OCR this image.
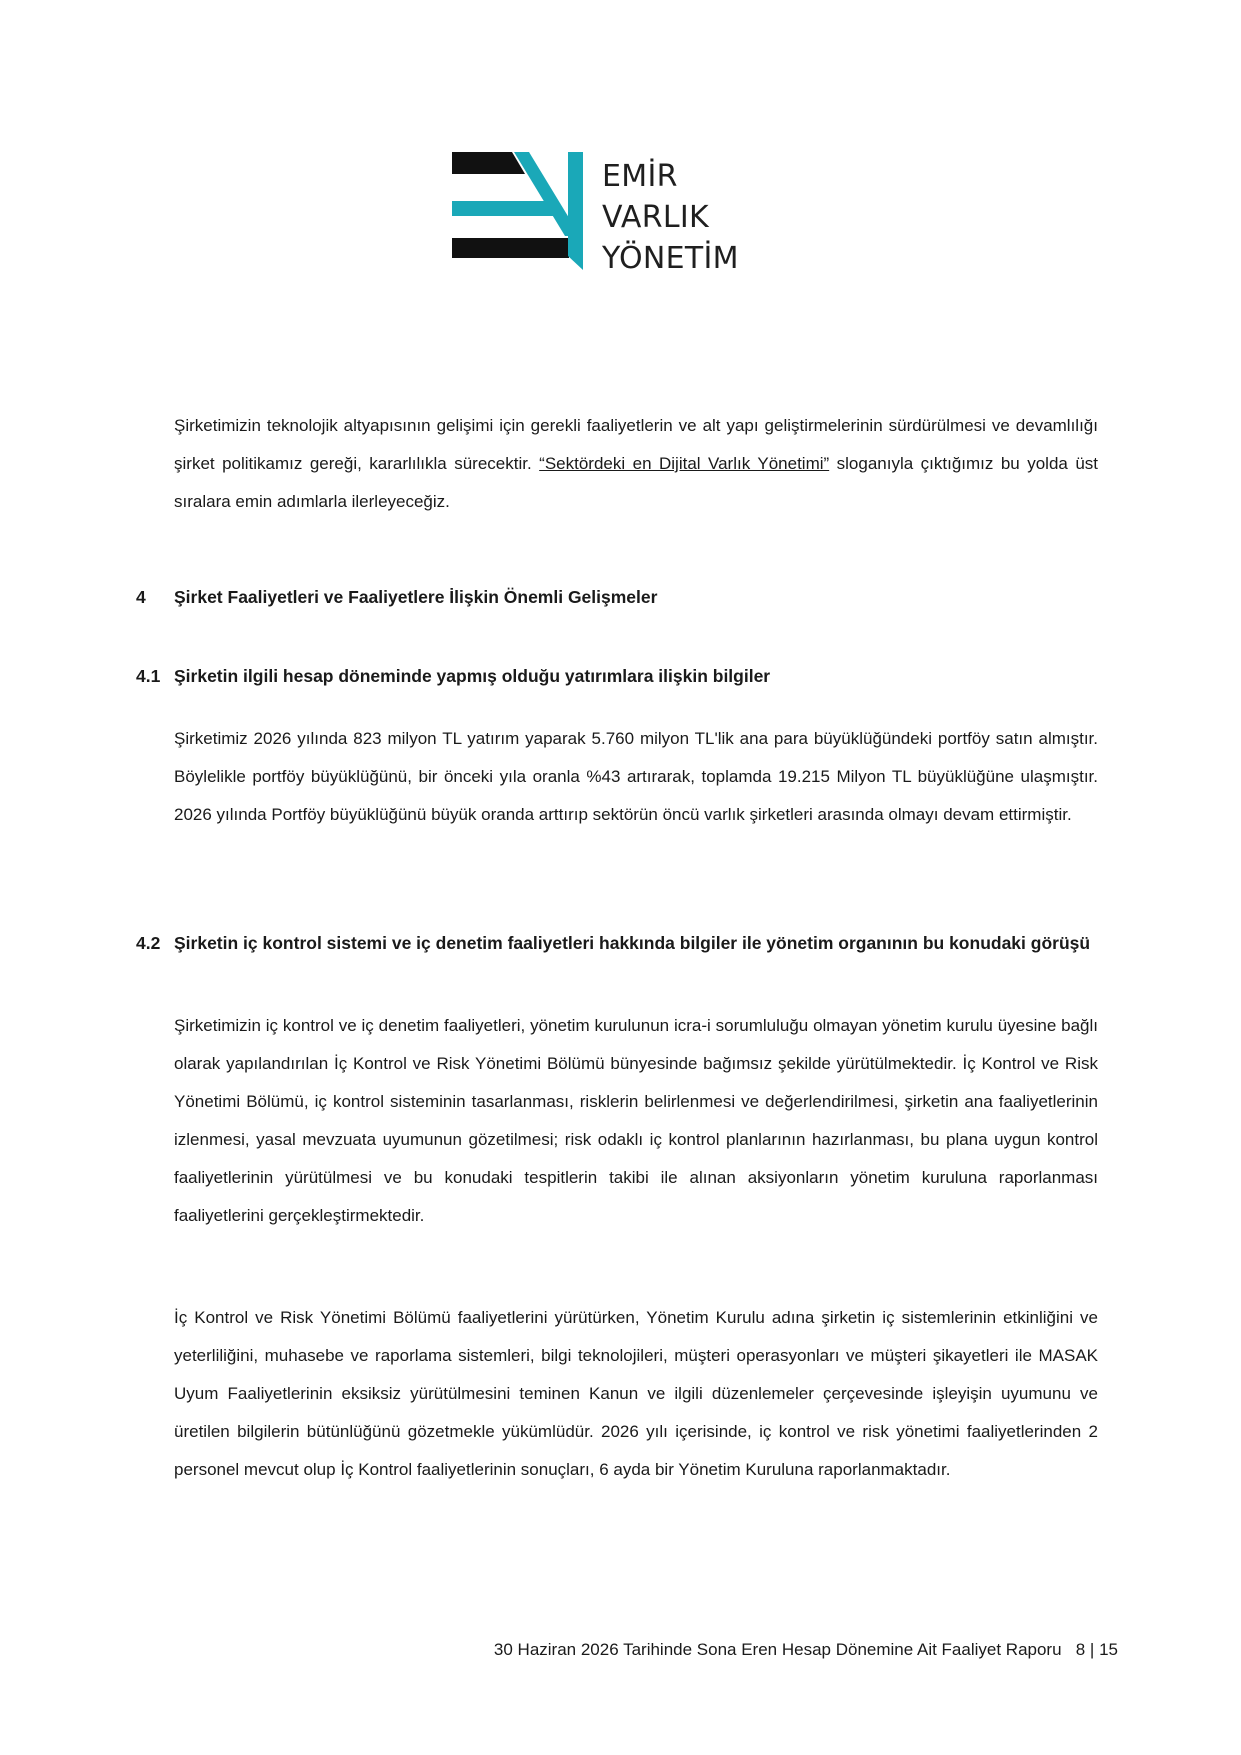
EMİR
VARLIK
YÖNETİM

Şirketimizin teknolojik altyapısının gelişimi için gerekli faaliyetlerin ve alt yapı geliştirmelerinin sürdürülmesi ve devamlılığı şirket politikamız gereği, kararlılıkla sürecektir. “Sektördeki en Dijital Varlık Yönetimi” sloganıyla çıktığımız bu yolda üst sıralara emin adımlarla ilerleyeceğiz.

4 Şirket Faaliyetleri ve Faaliyetlere İlişkin Önemli Gelişmeler
4.1 Şirketin ilgili hesap döneminde yapmış olduğu yatırımlara ilişkin bilgiler

Şirketimiz 2026 yılında 823 milyon TL yatırım yaparak 5.760 milyon TL'lik ana para büyüklüğündeki portföy satın almıştır. Böylelikle portföy büyüklüğünü, bir önceki yıla oranla %43 artırarak, toplamda 19.215 Milyon TL büyüklüğüne ulaşmıştır. 2026 yılında Portföy büyüklüğünü büyük oranda arttırıp sektörün öncü varlık şirketleri arasında olmayı devam ettirmiştir.

4.2 Şirketin iç kontrol sistemi ve iç denetim faaliyetleri hakkında bilgiler ile yönetim organının bu konudaki görüşü

Şirketimizin iç kontrol ve iç denetim faaliyetleri, yönetim kurulunun icra-i sorumluluğu olmayan yönetim kurulu üyesine bağlı olarak yapılandırılan İç Kontrol ve Risk Yönetimi Bölümü bünyesinde bağımsız şekilde yürütülmektedir. İç Kontrol ve Risk Yönetimi Bölümü, iç kontrol sisteminin tasarlanması, risklerin belirlenmesi ve değerlendirilmesi, şirketin ana faaliyetlerinin izlenmesi, yasal mevzuata uyumunun gözetilmesi; risk odaklı iç kontrol planlarının hazırlanması, bu plana uygun kontrol faaliyetlerinin yürütülmesi ve bu konudaki tespitlerin takibi ile alınan aksiyonların yönetim kuruluna raporlanması faaliyetlerini gerçekleştirmektedir.

İç Kontrol ve Risk Yönetimi Bölümü faaliyetlerini yürütürken, Yönetim Kurulu adına şirketin iç sistemlerinin etkinliğini ve yeterliliğini, muhasebe ve raporlama sistemleri, bilgi teknolojileri, müşteri operasyonları ve müşteri şikayetleri ile MASAK Uyum Faaliyetlerinin eksiksiz yürütülmesini teminen Kanun ve ilgili düzenlemeler çerçevesinde işleyişin uyumunu ve üretilen bilgilerin bütünlüğünü gözetmekle yükümlüdür. 2026 yılı içerisinde, iç kontrol ve risk yönetimi faaliyetlerinden 2 personel mevcut olup İç Kontrol faaliyetlerinin sonuçları, 6 ayda bir Yönetim Kuruluna raporlanmaktadır.

30 Haziran 2026 Tarihinde Sona Eren Hesap Dönemine Ait Faaliyet Raporu 8 | 15
